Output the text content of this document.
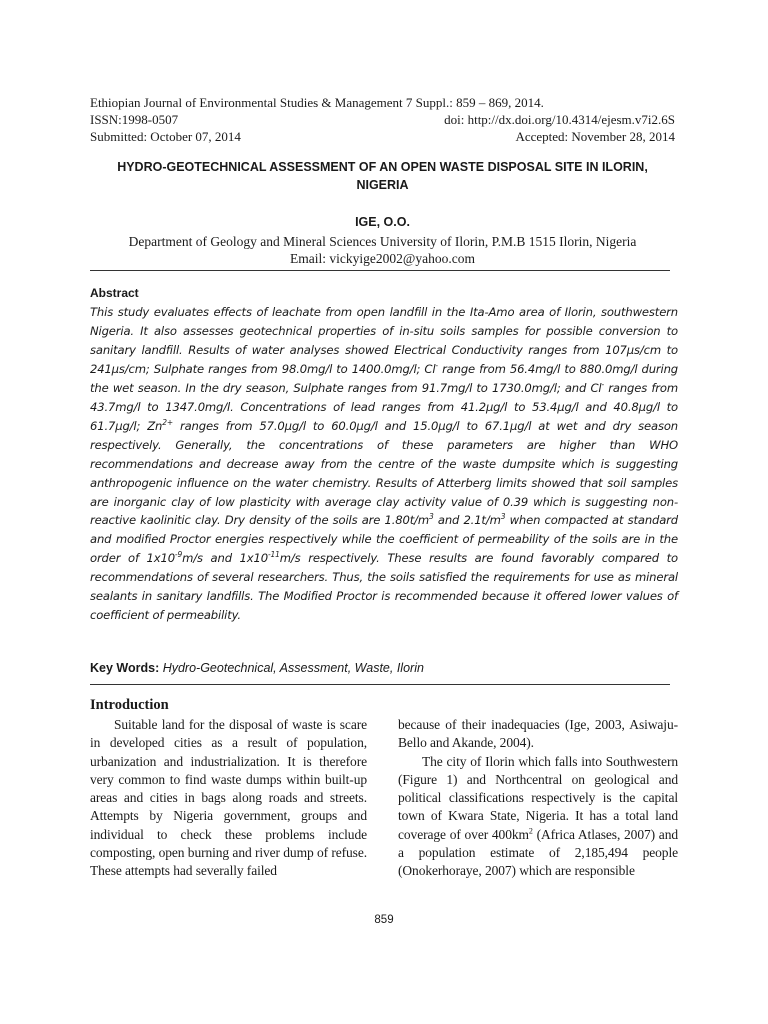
Ethiopian Journal of Environmental Studies & Management 7 Suppl.: 859 – 869, 2014.
ISSN:1998-0507	doi: http://dx.doi.org/10.4314/ejesm.v7i2.6S
Submitted: October 07, 2014	Accepted: November 28, 2014
HYDRO-GEOTECHNICAL ASSESSMENT OF AN OPEN WASTE DISPOSAL SITE IN ILORIN,
NIGERIA
IGE, O.O.
Department of Geology and Mineral Sciences University of Ilorin, P.M.B 1515 Ilorin, Nigeria
Email: vickyige2002@yahoo.com
Abstract
This study evaluates effects of leachate from open landfill in the Ita-Amo area of Ilorin, southwestern Nigeria. It also assesses geotechnical properties of in-situ soils samples for possible conversion to sanitary landfill. Results of water analyses showed Electrical Conductivity ranges from 107µs/cm to 241µs/cm; Sulphate ranges from 98.0mg/l to 1400.0mg/l; Cl- range from 56.4mg/l to 880.0mg/l during the wet season. In the dry season, Sulphate ranges from 91.7mg/l to 1730.0mg/l; and Cl- ranges from 43.7mg/l to 1347.0mg/l. Concentrations of lead ranges from 41.2µg/l to 53.4µg/l and 40.8µg/l to 61.7µg/l; $Zn^{2+}$ ranges from 57.0µg/l to 60.0µg/l and 15.0µg/l to 67.1µg/l at wet and dry season respectively. Generally, the concentrations of these parameters are higher than WHO recommendations and decrease away from the centre of the waste dumpsite which is suggesting anthropogenic influence on the water chemistry. Results of Atterberg limits showed that soil samples are inorganic clay of low plasticity with average clay activity value of 0.39 which is suggesting non-reactive kaolinitic clay. Dry density of the soils are $1.80t/m^3$ and $2.1t/m^3$ when compacted at standard and modified Proctor energies respectively while the coefficient of permeability of the soils are in the order of $1x10^{-9}m/s$ and $1x10^{-11}m/s$ respectively. These results are found favorably compared to recommendations of several researchers. Thus, the soils satisfied the requirements for use as mineral sealants in sanitary landfills. The Modified Proctor is recommended because it offered lower values of coefficient of permeability.
Key Words: Hydro-Geotechnical, Assessment, Waste, Ilorin
Introduction

Suitable land for the disposal of waste is scare in developed cities as a result of population, urbanization and industrialization. It is therefore very common to find waste dumps within built-up areas and cities in bags along roads and streets. Attempts by Nigeria government, groups and individual to check these problems include composting, open burning and river dump of refuse. These attempts had severally failed

because of their inadequacies (Ige, 2003, Asiwaju-Bello and Akande, 2004).

The city of Ilorin which falls into Southwestern (Figure 1) and Northcentral on geological and political classifications respectively is the capital town of Kwara State, Nigeria. It has a total land coverage of over $400km^2$ (Africa Atlases, 2007) and a population estimate of 2,185,494 people (Onokerhoraye, 2007) which are responsible

859
